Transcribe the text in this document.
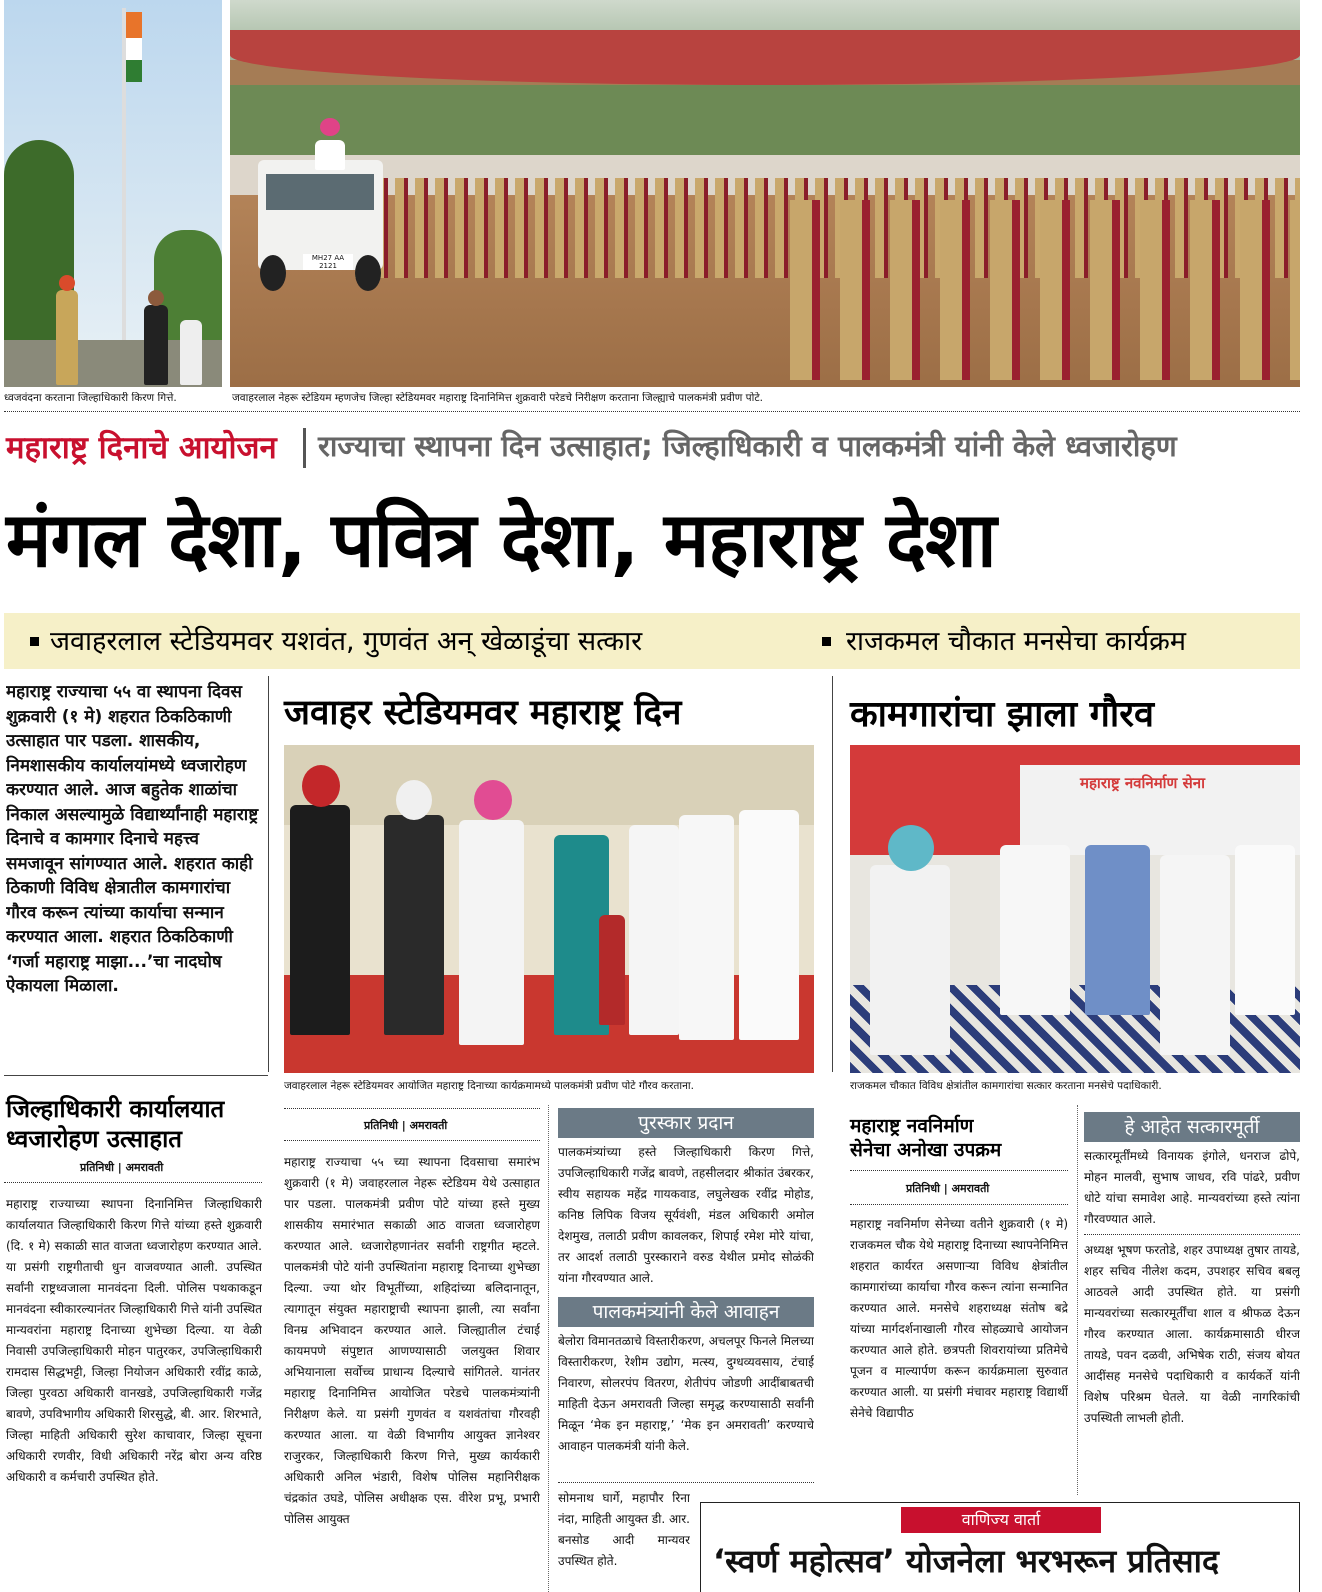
ध्वजवंदना करताना जिल्हाधिकारी किरण गित्ते.
MH27 AA 2121
जवाहरलाल नेहरू स्टेडियम म्हणजेच जिल्हा स्टेडियमवर महाराष्ट्र दिनानिमित्त शुक्रवारी परेडचे निरीक्षण करताना जिल्ह्याचे पालकमंत्री प्रवीण पोटे.
महाराष्ट्र दिनाचे आयोजन राज्याचा स्थापना दिन उत्साहात; जिल्हाधिकारी व पालकमंत्री यांनी केले ध्वजारोहण
मंगल देशा, पवित्र देशा, महाराष्ट्र देशा
जवाहरलाल स्टेडियमवर यशवंत, गुणवंत अन् खेळाडूंचा सत्कार	राजकमल चौकात मनसेचा कार्यक्रम
महाराष्ट्र राज्याचा ५५ वा स्थापना दिवस शुक्रवारी (१ मे) शहरात ठिकठिकाणी उत्साहात पार पडला. शासकीय, निमशासकीय कार्यालयांमध्ये ध्वजारोहण करण्यात आले. आज बहुतेक शाळांचा निकाल असल्यामुळे विद्यार्थ्यांनाही महाराष्ट्र दिनाचे व कामगार दिनाचे महत्त्व समजावून सांगण्यात आले. शहरात काही ठिकाणी विविध क्षेत्रातील कामगारांचा गौरव करून त्यांच्या कार्याचा सन्मान करण्यात आला. शहरात ठिकठिकाणी ‘गर्जा महाराष्ट्र माझा...’चा नादघोष ऐकायला मिळाला.
जवाहर स्टेडियमवर महाराष्ट्र दिन
जवाहरलाल नेहरू स्टेडियमवर आयोजित महाराष्ट्र दिनाच्या कार्यक्रमामध्ये पालकमंत्री प्रवीण पोटे गौरव करताना.
कामगारांचा झाला गौरव
महाराष्ट्र नवनिर्माण सेना
राजकमल चौकात विविध क्षेत्रांतील कामगारांचा सत्कार करताना मनसेचे पदाधिकारी.
जिल्हाधिकारी कार्यालयात
ध्वजारोहण उत्साहात
प्रतिनिधी | अमरावती
महाराष्ट्र राज्याच्या स्थापना दिनानिमित्त जिल्हाधिकारी कार्यालयात जिल्हाधिकारी किरण गित्ते यांच्या हस्ते शुक्रवारी (दि. १ मे) सकाळी सात वाजता ध्वजारोहण करण्यात आले. या प्रसंगी राष्ट्रगीताची धुन वाजवण्यात आली. उपस्थित सर्वांनी राष्ट्रध्वजाला मानवंदना दिली. पोलिस पथकाकडून मानवंदना स्वीकारल्यानंतर जिल्हाधिकारी गित्ते यांनी उपस्थित मान्यवरांना महाराष्ट्र दिनाच्या शुभेच्छा दिल्या. या वेळी निवासी उपजिल्हाधिकारी मोहन पातुरकर, उपजिल्हाधिकारी रामदास सिद्धभट्टी, जिल्हा नियोजन अधिकारी रवींद्र काळे, जिल्हा पुरवठा अधिकारी वानखडे, उपजिल्हाधिकारी गजेंद्र बावणे, उपविभागीय अधिकारी शिरसुद्धे, बी. आर. शिरभाते, जिल्हा माहिती अधिकारी सुरेश काचावार, जिल्हा सूचना अधिकारी रणवीर, विधी अधिकारी नरेंद्र बोरा अन्य वरिष्ठ अधिकारी व कर्मचारी उपस्थित होते.
प्रतिनिधी | अमरावती
महाराष्ट्र राज्याचा ५५ च्या स्थापना दिवसाचा समारंभ शुक्रवारी (१ मे) जवाहरलाल नेहरू स्टेडियम येथे उत्साहात पार पडला. पालकमंत्री प्रवीण पोटे यांच्या हस्ते मुख्य शासकीय समारंभात सकाळी आठ वाजता ध्वजारोहण करण्यात आले. ध्वजारोहणानंतर सर्वांनी राष्ट्रगीत म्हटले. पालकमंत्री पोटे यांनी उपस्थितांना महाराष्ट्र दिनाच्या शुभेच्छा दिल्या. ज्या थोर विभूतींच्या, शहिदांच्या बलिदानातून, त्यागातून संयुक्त महाराष्ट्राची स्थापना झाली, त्या सर्वांना विनम्र अभिवादन करण्यात आले. जिल्ह्यातील टंचाई कायमपणे संपुष्टात आणण्यासाठी जलयुक्त शिवार अभियानाला सर्वोच्च प्राधान्य दिल्याचे सांगितले. यानंतर महाराष्ट्र दिनानिमित्त आयोजित परेडचे पालकमंत्र्यांनी निरीक्षण केले. या प्रसंगी गुणवंत व यशवंतांचा गौरवही करण्यात आला. या वेळी विभागीय आयुक्त ज्ञानेश्वर राजुरकर, जिल्हाधिकारी किरण गित्ते, मुख्य कार्यकारी अधिकारी अनिल भंडारी, विशेष पोलिस महानिरीक्षक चंद्रकांत उघडे, पोलिस अधीक्षक एस. वीरेश प्रभू, प्रभारी पोलिस आयुक्त
पुरस्कार प्रदान
पालकमंत्र्यांच्या हस्ते जिल्हाधिकारी किरण गित्ते, उपजिल्हाधिकारी गजेंद्र बावणे, तहसीलदार श्रीकांत उंबरकर, स्वीय सहायक महेंद्र गायकवाड, लघुलेखक रवींद्र मोहोड, कनिष्ठ लिपिक विजय सूर्यवंशी, मंडल अधिकारी अमोल देशमुख, तलाठी प्रवीण कावलकर, शिपाई रमेश मोरे यांचा, तर आदर्श तलाठी पुरस्काराने वरुड येथील प्रमोद सोळंकी यांना गौरवण्यात आले.
पालकमंत्र्यांनी केले आवाहन
बेलोरा विमानतळाचे विस्तारीकरण, अचलपूर फिनले मिलच्या विस्तारीकरण, रेशीम उद्योग, मत्स्य, दुग्धव्यवसाय, टंचाई निवारण, सोलरपंप वितरण, शेतीपंप जोडणी आदींबाबतची माहिती देऊन अमरावती जिल्हा समृद्ध करण्यासाठी सर्वांनी मिळून ‘मेक इन महाराष्ट्र,’ ‘मेक इन अमरावती’ करण्याचे आवाहन पालकमंत्री यांनी केले.
सोमनाथ घार्गे, महापौर रिना नंदा, माहिती आयुक्त डी. आर. बनसोड आदी मान्यवर उपस्थित होते.
महाराष्ट्र नवनिर्माण
सेनेचा अनोखा उपक्रम
प्रतिनिधी | अमरावती
महाराष्ट्र नवनिर्माण सेनेच्या वतीने शुक्रवारी (१ मे) राजकमल चौक येथे महाराष्ट्र दिनाच्या स्थापनेनिमित्त शहरात कार्यरत असणाऱ्या विविध क्षेत्रांतील कामगारांच्या कार्याचा गौरव करून त्यांना सन्मानित करण्यात आले. मनसेचे शहराध्यक्ष संतोष बद्रे यांच्या मार्गदर्शनाखाली गौरव सोहळ्याचे आयोजन करण्यात आले होते. छत्रपती शिवरायांच्या प्रतिमेचे पूजन व माल्यार्पण करून कार्यक्रमाला सुरुवात करण्यात आली. या प्रसंगी मंचावर महाराष्ट्र विद्यार्थी सेनेचे विद्यापीठ
हे आहेत सत्कारमूर्ती
सत्कारमूर्तींमध्ये विनायक इंगोले, धनराज ढोपे, मोहन मालवी, सुभाष जाधव, रवि पांढरे, प्रवीण धोटे यांचा समावेश आहे. मान्यवरांच्या हस्ते त्यांना गौरवण्यात आले.
अध्यक्ष भूषण फरतोडे, शहर उपाध्यक्ष तुषार तायडे, शहर सचिव नीलेश कदम, उपशहर सचिव बबलू आठवले आदी उपस्थित होते. या प्रसंगी मान्यवरांच्या सत्कारमूर्तींचा शाल व श्रीफळ देऊन गौरव करण्यात आला. कार्यक्रमासाठी धीरज तायडे, पवन दळवी, अभिषेक राठी, संजय बोयत आदींसह मनसेचे पदाधिकारी व कार्यकर्ते यांनी विशेष परिश्रम घेतले. या वेळी नागरिकांची उपस्थिती लाभली होती.
वाणिज्य वार्ता
‘स्वर्ण महोत्सव’ योजनेला भरभरून प्रतिसाद
